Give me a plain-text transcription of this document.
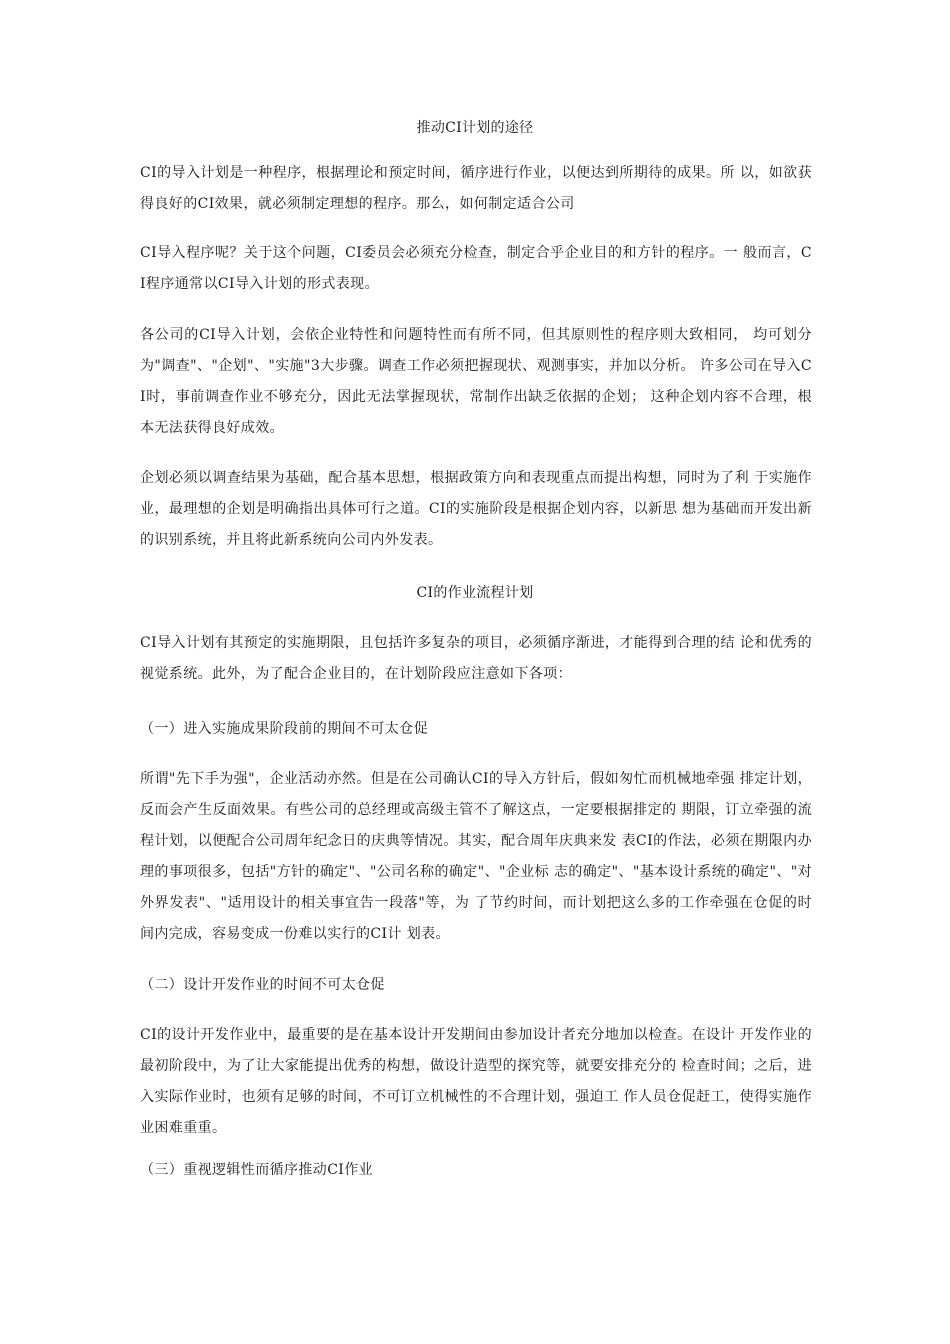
推动CI计划的途径
CI的导入计划是一种程序，根据理论和预定时间，循序进行作业，以便达到所期待的成果。所 以，如欲获得良好的CI效果，就必须制定理想的程序。那么，如何制定适合公司
CI导入程序呢？关于这个问题，CI委员会必须充分检查，制定合乎企业目的和方针的程序。一 般而言，CI程序通常以CI导入计划的形式表现。
各公司的CI导入计划，会依企业特性和问题特性而有所不同，但其原则性的程序则大致相同， 均可划分为"调查"、"企划"、"实施"3大步骤。调查工作必须把握现状、观测事实，并加以分析。 许多公司在导入CI时，事前调查作业不够充分，因此无法掌握现状，常制作出缺乏依据的企划； 这种企划内容不合理，根本无法获得良好成效。
企划必须以调查结果为基础，配合基本思想，根据政策方向和表现重点而提出构想，同时为了利 于实施作业，最理想的企划是明确指出具体可行之道。CI的实施阶段是根据企划内容，以新思 想为基础而开发出新的识别系统，并且将此新系统向公司内外发表。
CI的作业流程计划
CI导入计划有其预定的实施期限，且包括许多复杂的项目，必须循序渐进，才能得到合理的结 论和优秀的视觉系统。此外，为了配合企业目的，在计划阶段应注意如下各项：
（一）进入实施成果阶段前的期间不可太仓促
所谓"先下手为强"，企业活动亦然。但是在公司确认CI的导入方针后，假如匆忙而机械地牵强 排定计划，反而会产生反面效果。有些公司的总经理或高级主管不了解这点，一定要根据排定的 期限，订立牵强的流程计划，以便配合公司周年纪念日的庆典等情况。其实，配合周年庆典来发 表CI的作法，必须在期限内办理的事项很多，包括"方针的确定"、"公司名称的确定"、"企业标 志的确定"、"基本设计系统的确定"、"对外界发表"、"适用设计的相关事宜告一段落"等，为 了节约时间，而计划把这么多的工作牵强在仓促的时间内完成，容易变成一份难以实行的CI计 划表。
（二）设计开发作业的时间不可太仓促
CI的设计开发作业中，最重要的是在基本设计开发期间由参加设计者充分地加以检查。在设计 开发作业的最初阶段中，为了让大家能提出优秀的构想，做设计造型的探究等，就要安排充分的 检查时间；之后，进入实际作业时，也须有足够的时间，不可订立机械性的不合理计划，强迫工 作人员仓促赶工，使得实施作业困难重重。
（三）重视逻辑性而循序推动CI作业
